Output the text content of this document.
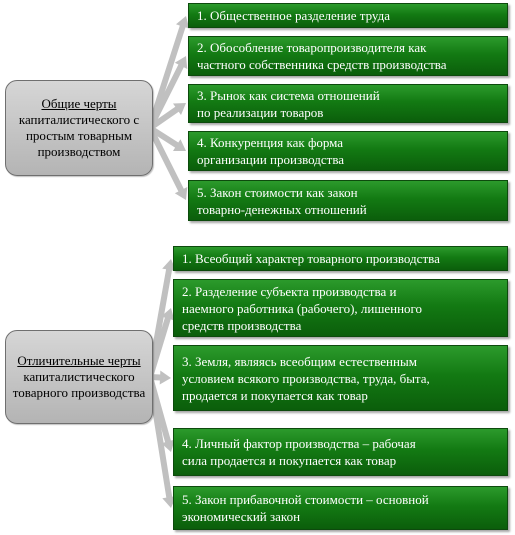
Общие черты
капиталистического с простым товарным производством
1. Общественное разделение труда
2. Обособление товаропроизводителя как
частного собственника средств производства
3. Рынок как система отношений
по реализации товаров
4. Конкуренция как форма
организации производства
5. Закон стоимости как закон
товарно-денежных отношений
Отличительные черты
капиталистического товарного производства
1. Всеобщий характер товарного производства
2. Разделение субъекта производства и
наемного работника (рабочего), лишенного
средств производства
3. Земля, являясь всеобщим естественным
условием всякого производства, труда, быта,
продается и покупается как товар
4. Личный фактор производства – рабочая
сила продается и покупается как товар
5. Закон прибавочной стоимости – основной
экономический закон
